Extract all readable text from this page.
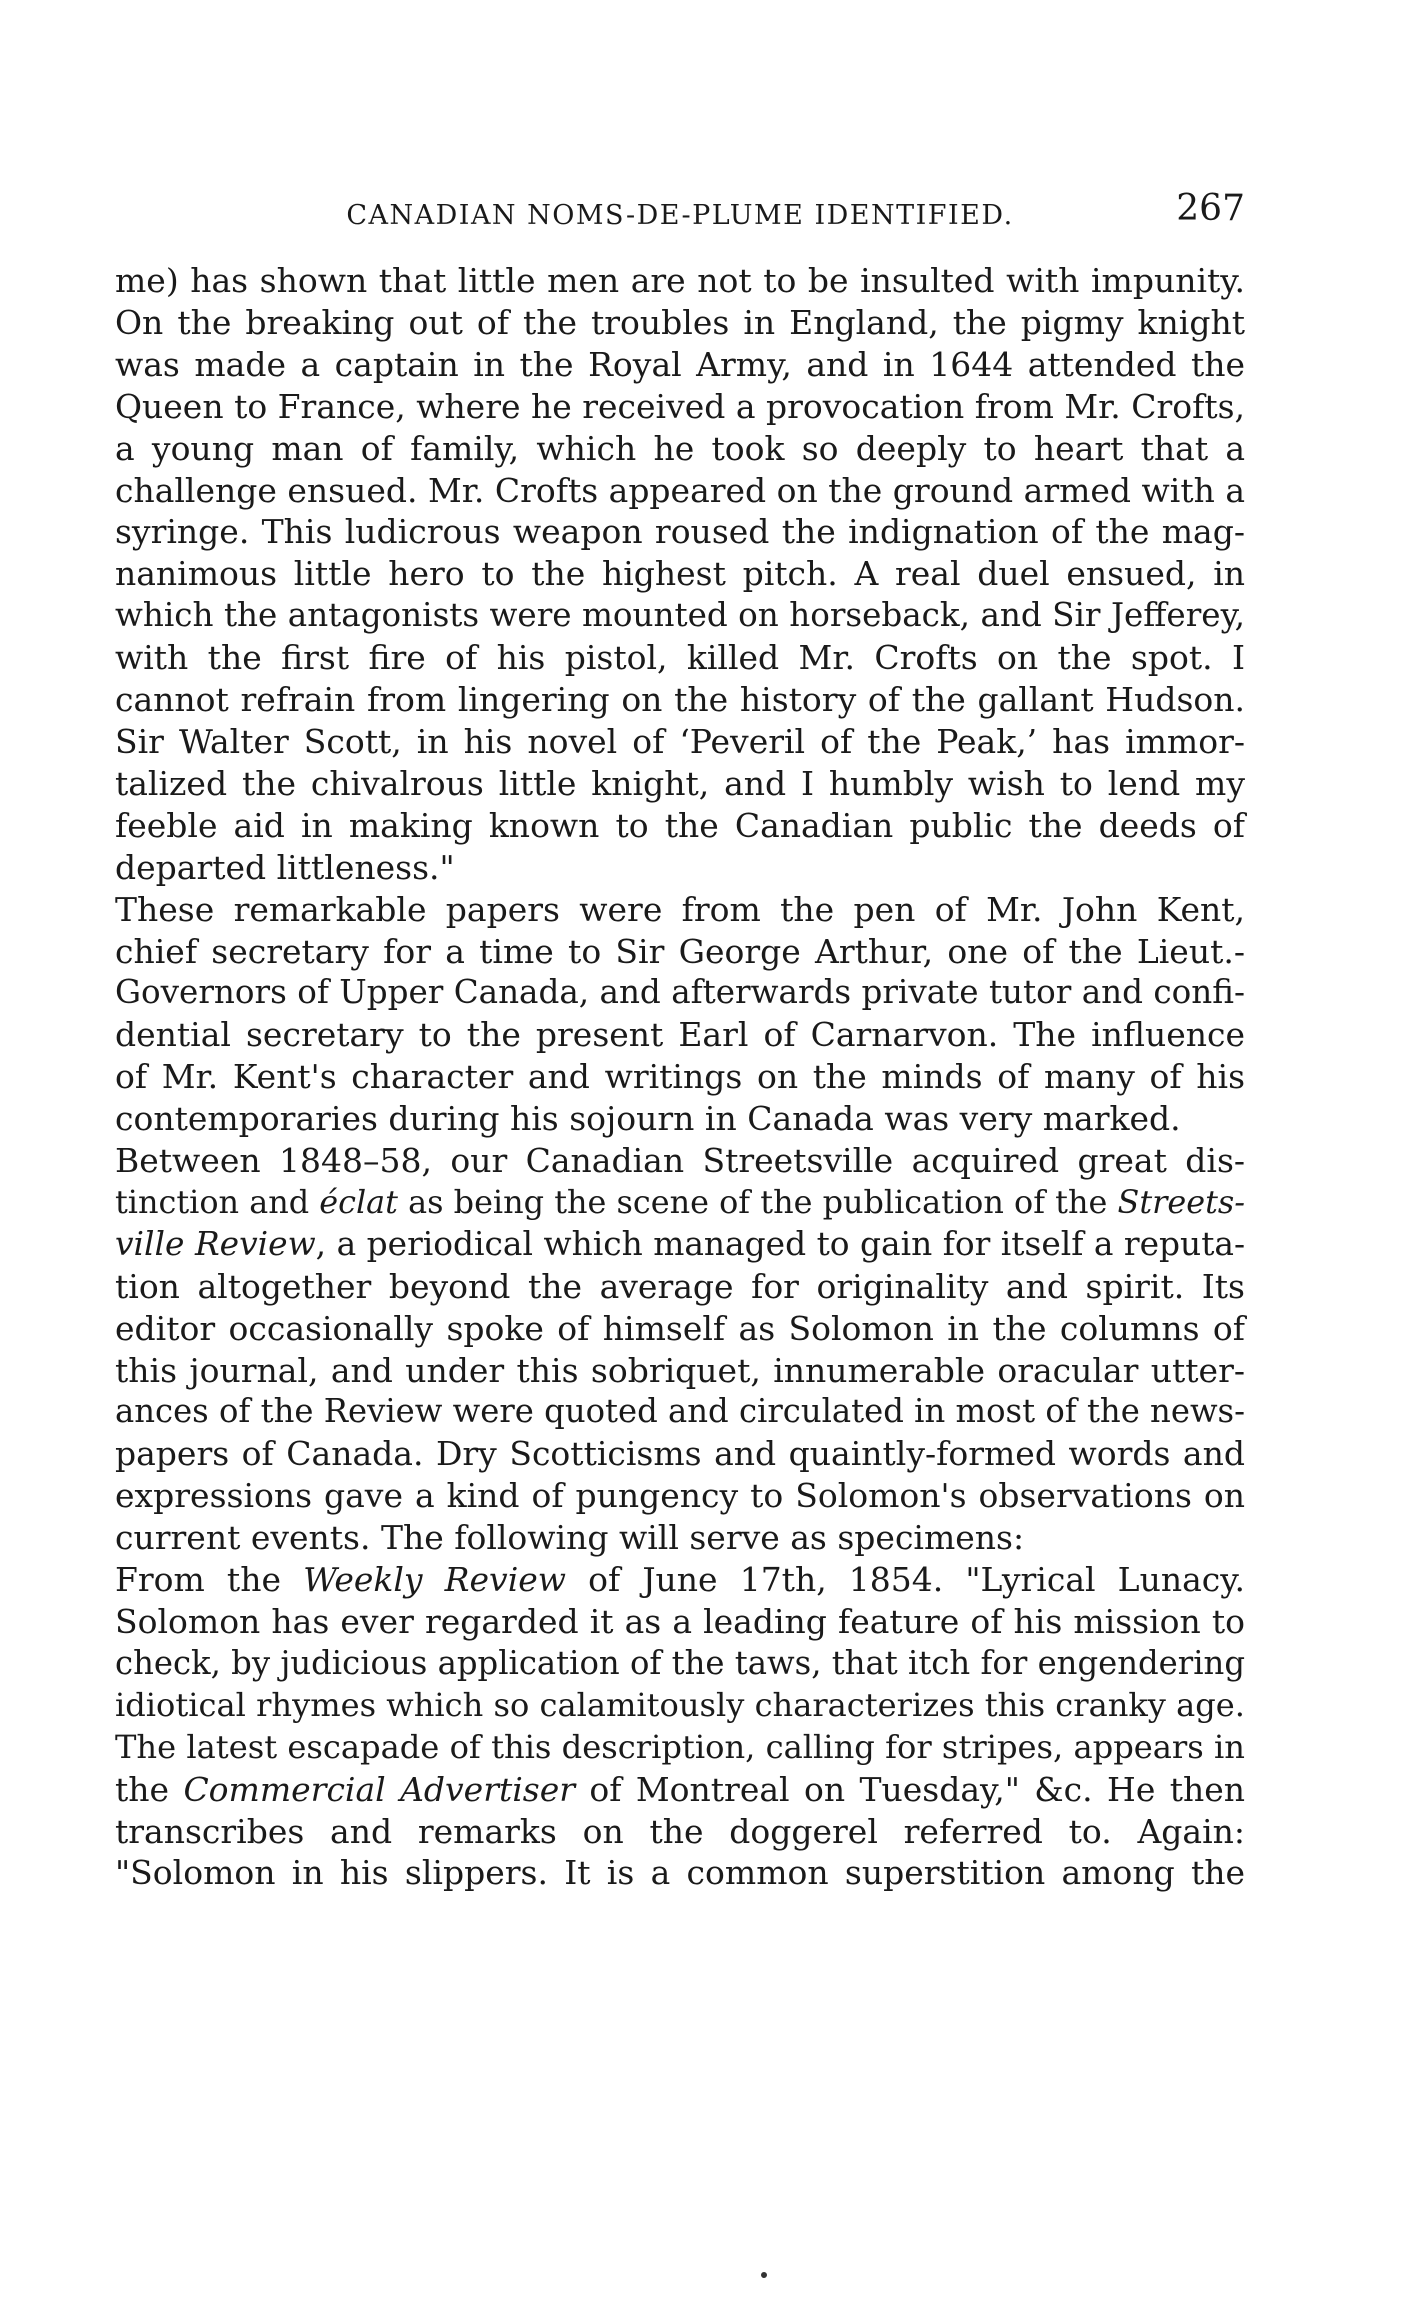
CANADIAN NOMS-DE-PLUME IDENTIFIED.	267
me) has shown that little men are not to be insulted with impunity.
On the breaking out of the troubles in England, the pigmy knight
was made a captain in the Royal Army, and in 1644 attended the
Queen to France, where he received a provocation from Mr. Crofts,
a young man of family, which he took so deeply to heart that a
challenge ensued. Mr. Crofts appeared on the ground armed with a
syringe. This ludicrous weapon roused the indignation of the mag-
nanimous little hero to the highest pitch. A real duel ensued, in
which the antagonists were mounted on horseback, and Sir Jefferey,
with the first fire of his pistol, killed Mr. Crofts on the spot. I
cannot refrain from lingering on the history of the gallant Hudson.
Sir Walter Scott, in his novel of ‘Peveril of the Peak,’ has immor-
talized the chivalrous little knight, and I humbly wish to lend my
feeble aid in making known to the Canadian public the deeds of
departed littleness."
These remarkable papers were from the pen of Mr. John Kent,
chief secretary for a time to Sir George Arthur, one of the Lieut.-
Governors of Upper Canada, and afterwards private tutor and confi-
dential secretary to the present Earl of Carnarvon. The influence
of Mr. Kent's character and writings on the minds of many of his
contemporaries during his sojourn in Canada was very marked.
Between 1848–58, our Canadian Streetsville acquired great dis-
tinction and éclat as being the scene of the publication of the Streets-
ville Review, a periodical which managed to gain for itself a reputa-
tion altogether beyond the average for originality and spirit. Its
editor occasionally spoke of himself as Solomon in the columns of
this journal, and under this sobriquet, innumerable oracular utter-
ances of the Review were quoted and circulated in most of the news-
papers of Canada. Dry Scotticisms and quaintly-formed words and
expressions gave a kind of pungency to Solomon's observations on
current events. The following will serve as specimens:
From the Weekly Review of June 17th, 1854. "Lyrical Lunacy.
Solomon has ever regarded it as a leading feature of his mission to
check, by judicious application of the taws, that itch for engendering
idiotical rhymes which so calamitously characterizes this cranky age.
The latest escapade of this description, calling for stripes, appears in
the Commercial Advertiser of Montreal on Tuesday," &c. He then
transcribes and remarks on the doggerel referred to. Again:
"Solomon in his slippers. It is a common superstition among the
